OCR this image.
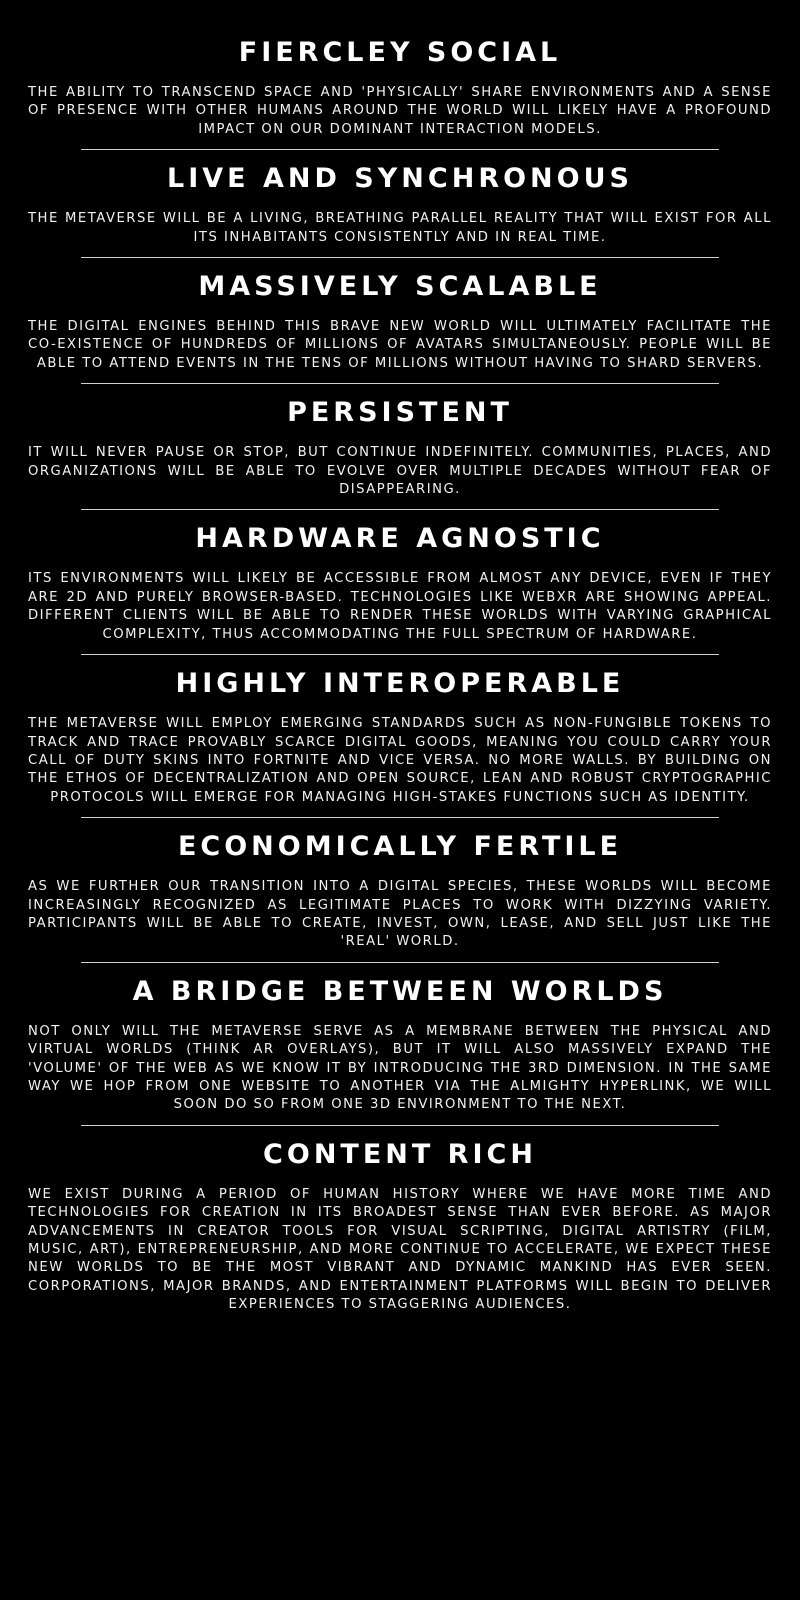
FIERCLEY SOCIAL

THE ABILITY TO TRANSCEND SPACE AND 'PHYSICALLY' SHARE ENVIRONMENTS AND A SENSE OF PRESENCE WITH OTHER HUMANS AROUND THE WORLD WILL LIKELY HAVE A PROFOUND IMPACT ON OUR DOMINANT INTERACTION MODELS.

LIVE AND SYNCHRONOUS

THE METAVERSE WILL BE A LIVING, BREATHING PARALLEL REALITY THAT WILL EXIST FOR ALL ITS INHABITANTS CONSISTENTLY AND IN REAL TIME.

MASSIVELY SCALABLE

THE DIGITAL ENGINES BEHIND THIS BRAVE NEW WORLD WILL ULTIMATELY FACILITATE THE CO-EXISTENCE OF HUNDREDS OF MILLIONS OF AVATARS SIMULTANEOUSLY. PEOPLE WILL BE ABLE TO ATTEND EVENTS IN THE TENS OF MILLIONS WITHOUT HAVING TO SHARD SERVERS.

PERSISTENT

IT WILL NEVER PAUSE OR STOP, BUT CONTINUE INDEFINITELY. COMMUNITIES, PLACES, AND ORGANIZATIONS WILL BE ABLE TO EVOLVE OVER MULTIPLE DECADES WITHOUT FEAR OF DISAPPEARING.

HARDWARE AGNOSTIC

ITS ENVIRONMENTS WILL LIKELY BE ACCESSIBLE FROM ALMOST ANY DEVICE, EVEN IF THEY ARE 2D AND PURELY BROWSER-BASED. TECHNOLOGIES LIKE WEBXR ARE SHOWING APPEAL. DIFFERENT CLIENTS WILL BE ABLE TO RENDER THESE WORLDS WITH VARYING GRAPHICAL COMPLEXITY, THUS ACCOMMODATING THE FULL SPECTRUM OF HARDWARE.

HIGHLY INTEROPERABLE

THE METAVERSE WILL EMPLOY EMERGING STANDARDS SUCH AS NON-FUNGIBLE TOKENS TO TRACK AND TRACE PROVABLY SCARCE DIGITAL GOODS, MEANING YOU COULD CARRY YOUR CALL OF DUTY SKINS INTO FORTNITE AND VICE VERSA. NO MORE WALLS. BY BUILDING ON THE ETHOS OF DECENTRALIZATION AND OPEN SOURCE, LEAN AND ROBUST CRYPTOGRAPHIC PROTOCOLS WILL EMERGE FOR MANAGING HIGH-STAKES FUNCTIONS SUCH AS IDENTITY.

ECONOMICALLY FERTILE

AS WE FURTHER OUR TRANSITION INTO A DIGITAL SPECIES, THESE WORLDS WILL BECOME INCREASINGLY RECOGNIZED AS LEGITIMATE PLACES TO WORK WITH DIZZYING VARIETY. PARTICIPANTS WILL BE ABLE TO CREATE, INVEST, OWN, LEASE, AND SELL JUST LIKE THE 'REAL' WORLD.

A BRIDGE BETWEEN WORLDS

NOT ONLY WILL THE METAVERSE SERVE AS A MEMBRANE BETWEEN THE PHYSICAL AND VIRTUAL WORLDS (THINK AR OVERLAYS), BUT IT WILL ALSO MASSIVELY EXPAND THE 'VOLUME' OF THE WEB AS WE KNOW IT BY INTRODUCING THE 3RD DIMENSION. IN THE SAME WAY WE HOP FROM ONE WEBSITE TO ANOTHER VIA THE ALMIGHTY HYPERLINK, WE WILL SOON DO SO FROM ONE 3D ENVIRONMENT TO THE NEXT.

CONTENT RICH

WE EXIST DURING A PERIOD OF HUMAN HISTORY WHERE WE HAVE MORE TIME AND TECHNOLOGIES FOR CREATION IN ITS BROADEST SENSE THAN EVER BEFORE. AS MAJOR ADVANCEMENTS IN CREATOR TOOLS FOR VISUAL SCRIPTING, DIGITAL ARTISTRY (FILM, MUSIC, ART), ENTREPRENEURSHIP, AND MORE CONTINUE TO ACCELERATE, WE EXPECT THESE NEW WORLDS TO BE THE MOST VIBRANT AND DYNAMIC MANKIND HAS EVER SEEN. CORPORATIONS, MAJOR BRANDS, AND ENTERTAINMENT PLATFORMS WILL BEGIN TO DELIVER EXPERIENCES TO STAGGERING AUDIENCES.
